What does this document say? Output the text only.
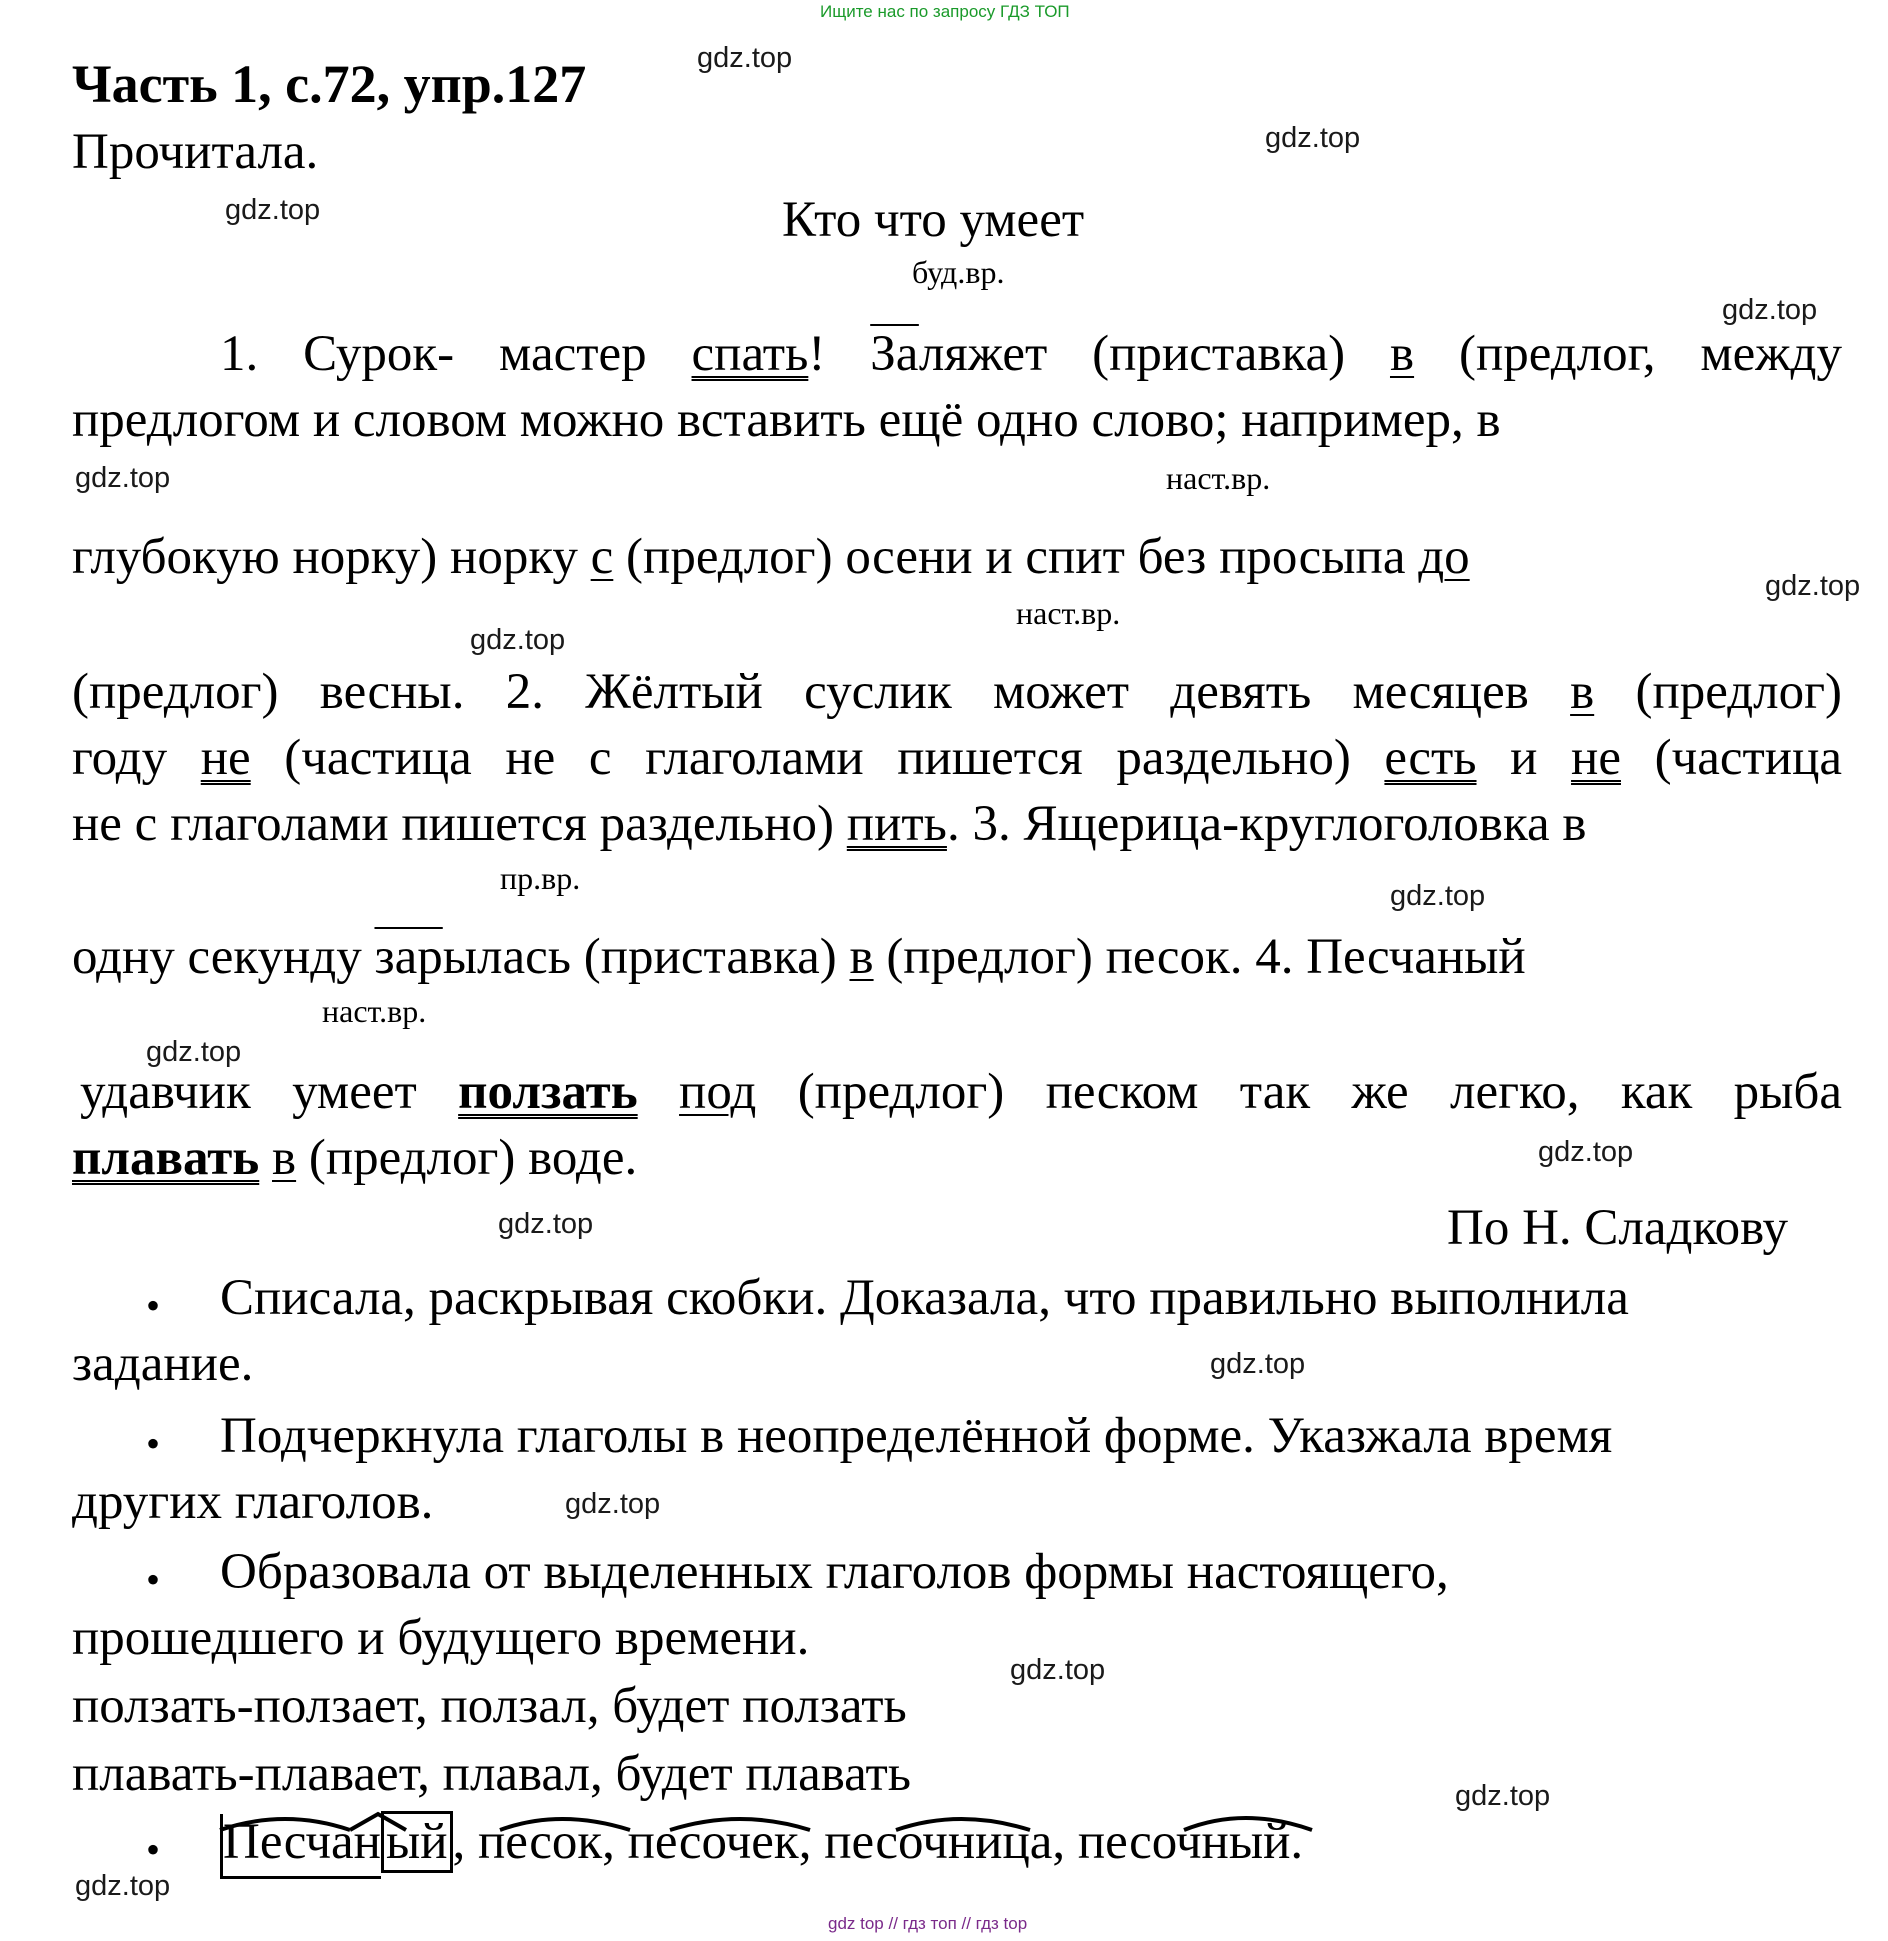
Ищите нас по запросу ГДЗ ТОП
Часть 1, с.72, упр.127
Прочитала.
Кто что умеет
буд.вр.
1. Сурок- мастер спать! Заляжет (приставка) в (предлог, между
предлогом и словом можно вставить ещё одно слово; например, в
наст.вр.
глубокую норку) норку с (предлог) осени и спит без просыпа до
наст.вр.
(предлог) весны. 2. Жёлтый суслик может девять месяцев в (предлог)
году не (частица не с глаголами пишется раздельно) есть и не (частица
не с глаголами пишется раздельно) пить. 3. Ящерица-круглоголовка в
пр.вр.
одну секунду зарылась (приставка) в (предлог) песок. 4. Песчаный
наст.вр.
удавчик умеет ползать под (предлог) песком так же легко, как рыба
плавать в (предлог) воде.
По Н. Сладкову
• Списала, раскрывая скобки. Доказала, что правильно выполнила
задание.
• Подчеркнула глаголы в неопределённой форме. Указжала время
других глаголов.
• Образовала от выделенных глаголов формы настоящего,
прошедшего и будущего времени.
ползать-ползает, ползал, будет ползать
плавать-плавает, плавал, будет плавать
• Песчаный, песок, песочек, песочница, песочный.
gdz top // гдз топ // гдз top
gdz.top
gdz.top
gdz.top
gdz.top
gdz.top
gdz.top
gdz.top
gdz.top
gdz.top
gdz.top
gdz.top
gdz.top
gdz.top
gdz.top
gdz.top
gdz.top
